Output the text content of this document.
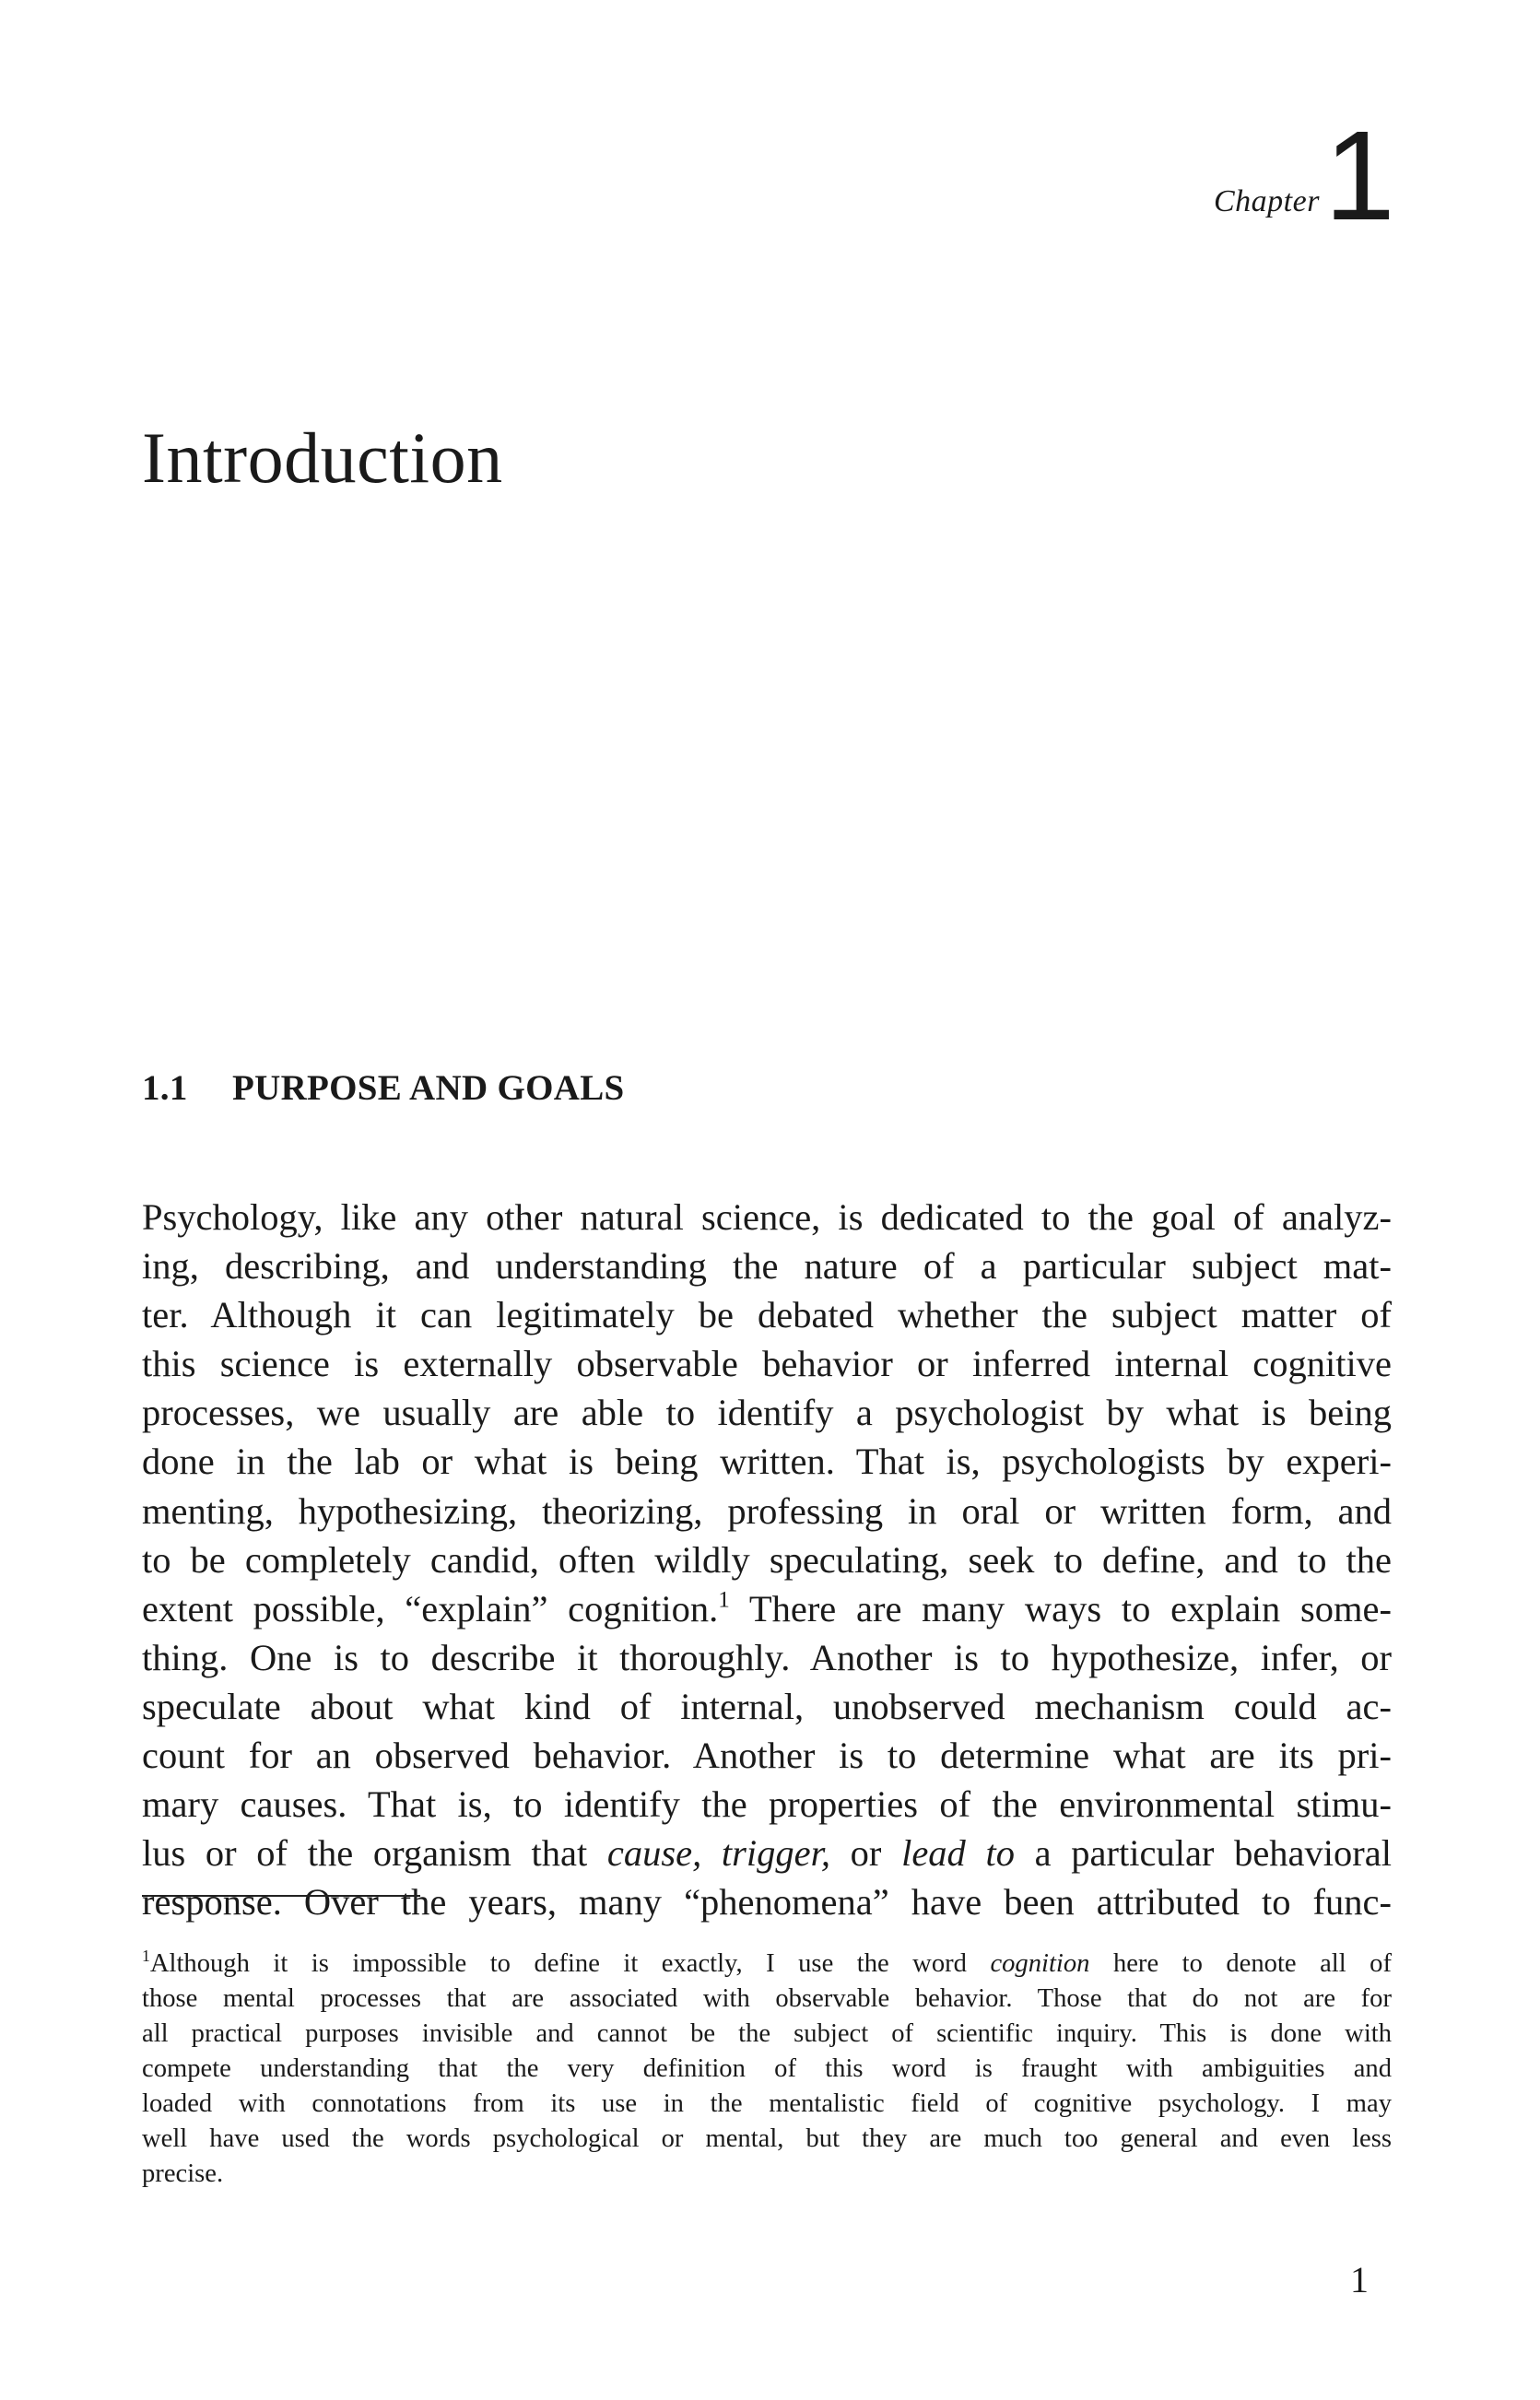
Chapter 1
Introduction
1.1 PURPOSE AND GOALS

Psychology, like any other natural science, is dedicated to the goal of analyz-
ing, describing, and understanding the nature of a particular subject mat-
ter. Although it can legitimately be debated whether the subject matter of
this science is externally observable behavior or inferred internal cognitive
processes, we usually are able to identify a psychologist by what is being
done in the lab or what is being written. That is, psychologists by experi-
menting, hypothesizing, theorizing, professing in oral or written form, and
to be completely candid, often wildly speculating, seek to define, and to the
extent possible, “explain” cognition.$^1$ There are many ways to explain some-
thing. One is to describe it thoroughly. Another is to hypothesize, infer, or
speculate about what kind of internal, unobserved mechanism could ac-
count for an observed behavior. Another is to determine what are its pri-
mary causes. That is, to identify the properties of the environmental stimu-
lus or of the organism that cause, trigger, or lead to a particular behavioral
response. Over the years, many “phenomena” have been attributed to func-

$^1$Although it is impossible to define it exactly, I use the word cognition here to denote all of
those mental processes that are associated with observable behavior. Those that do not are for
all practical purposes invisible and cannot be the subject of scientific inquiry. This is done with
compete understanding that the very definition of this word is fraught with ambiguities and
loaded with connotations from its use in the mentalistic field of cognitive psychology. I may
well have used the words psychological or mental, but they are much too general and even less
precise.
1
